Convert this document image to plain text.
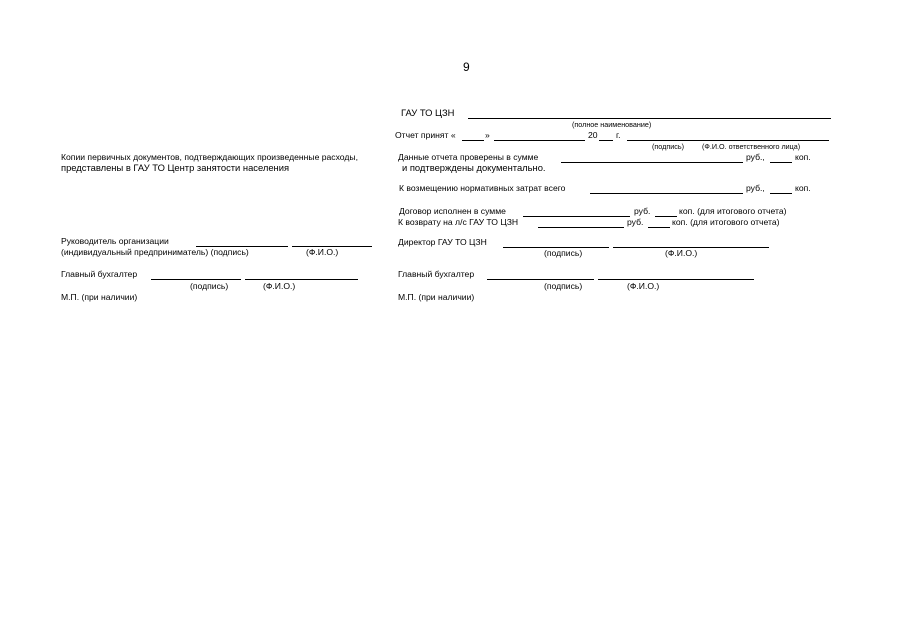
9
ГАУ ТО ЦЗН
(полное наименование)
Отчет принят «	»	20 г.
(подпись)	(Ф.И.О. ответственного лица)
Данные отчета проверены в сумме	руб.,	коп.
и подтверждены документально.
К возмещению нормативных затрат всего	руб.,	коп.
Договор исполнен в сумме	руб.	коп. (для итогового отчета)
К возврату на л/с ГАУ ТО ЦЗН	руб.	коп. (для итогового отчета)
Директор ГАУ ТО ЦЗН
(подпись)	(Ф.И.О.)
Главный бухгалтер
(подпись)	(Ф.И.О.)
М.П. (при наличии)
Копии первичных документов, подтверждающих произведенные расходы,
представлены в ГАУ ТО Центр занятости населения
Руководитель организации
(индивидуальный предприниматель) (подпись)	(Ф.И.О.)
Главный бухгалтер
(подпись)	(Ф.И.О.)
М.П. (при наличии)
